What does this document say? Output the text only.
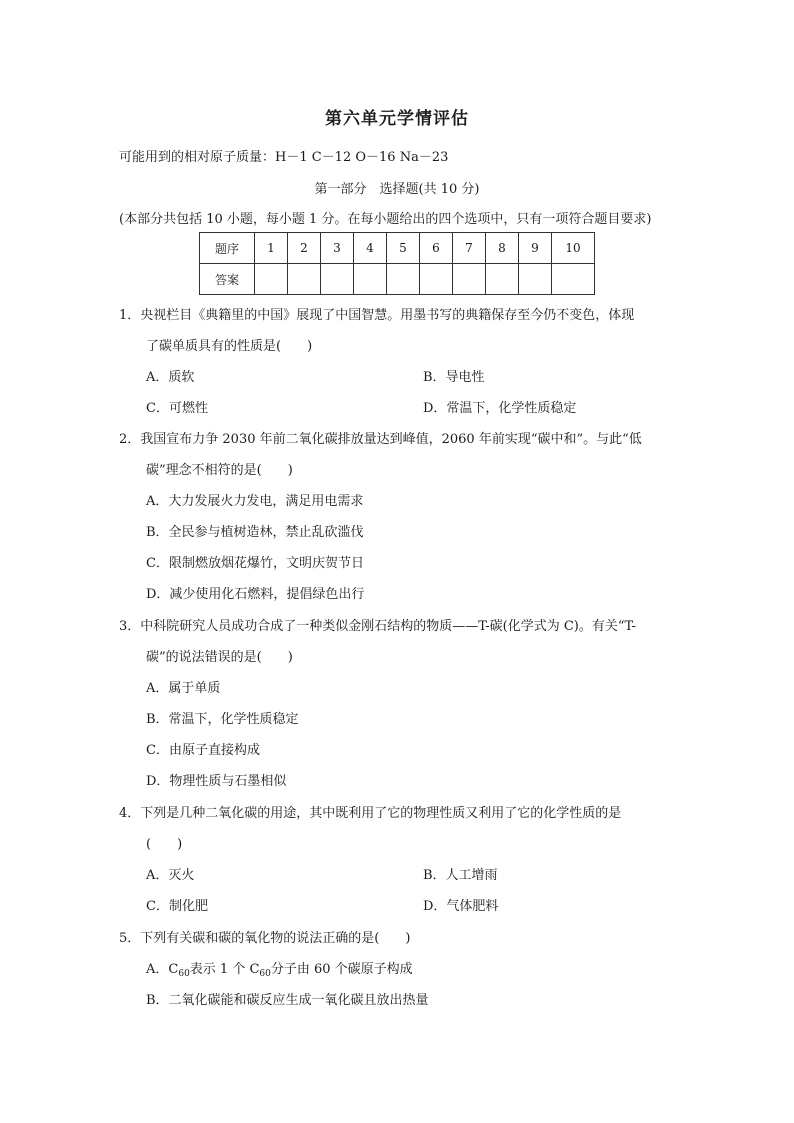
第六单元学情评估
可能用到的相对原子质量：H－1 C－12 O－16 Na－23
第一部分　选择题(共 10 分)
(本部分共包括 10 小题，每小题 1 分。在每小题给出的四个选项中，只有一项符合题目要求)
题序	1	2	3	4	5	6	7	8	9	10
答案										
1．央视栏目《典籍里的中国》展现了中国智慧。用墨书写的典籍保存至今仍不变色，体现
了碳单质具有的性质是(　　)
A．质软	B．导电性
C．可燃性	D．常温下，化学性质稳定
2．我国宣布力争 2030 年前二氧化碳排放量达到峰值，2060 年前实现“碳中和”。与此“低
碳”理念不相符的是(　　)
A．大力发展火力发电，满足用电需求
B．全民参与植树造林，禁止乱砍滥伐
C．限制燃放烟花爆竹，文明庆贺节日
D．减少使用化石燃料，提倡绿色出行
3．中科院研究人员成功合成了一种类似金刚石结构的物质——T-碳(化学式为 C)。有关“T-
碳”的说法错误的是(　　)
A．属于单质
B．常温下，化学性质稳定
C．由原子直接构成
D．物理性质与石墨相似
4．下列是几种二氧化碳的用途，其中既利用了它的物理性质又利用了它的化学性质的是
(　　)
A．灭火	B．人工增雨
C．制化肥	D．气体肥料
5．下列有关碳和碳的氧化物的说法正确的是(　　)
A．$C_{60}$表示 1 个 $C_{60}$分子由 60 个碳原子构成
B．二氧化碳能和碳反应生成一氧化碳且放出热量
